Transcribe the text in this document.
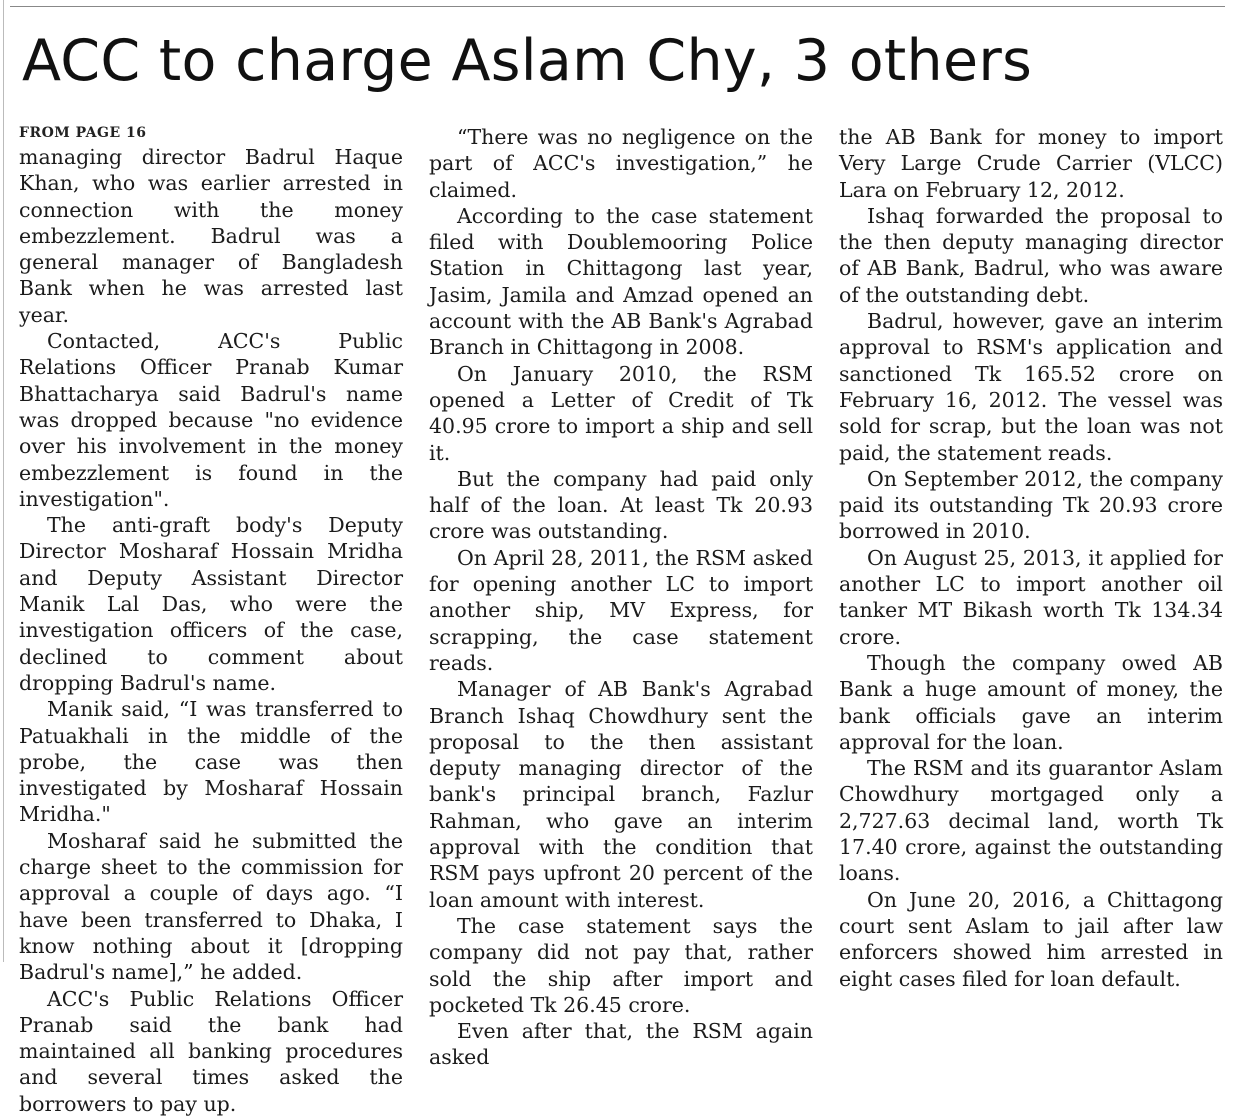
ACC to charge Aslam Chy, 3 others
FROM PAGE 16

managing director Badrul Haque Khan, who was earlier arrested in connection with the money embezzlement. Badrul was a general manager of Bangladesh Bank when he was arrested last year.

Contacted, ACC's Public Relations Officer Pranab Kumar Bhattacharya said Badrul's name was dropped because "no evidence over his involvement in the money embezzlement is found in the investigation".

The anti-graft body's Deputy Director Mosharaf Hossain Mridha and Deputy Assistant Director Manik Lal Das, who were the investigation officers of the case, declined to comment about dropping Badrul's name.

Manik said, “I was transferred to Patuakhali in the middle of the probe, the case was then investigated by Mosharaf Hossain Mridha."

Mosharaf said he submitted the charge sheet to the commission for approval a couple of days ago. “I have been transferred to Dhaka, I know nothing about it [dropping Badrul's name],” he added.

ACC's Public Relations Officer Pranab said the bank had maintained all banking procedures and several times asked the borrowers to pay up.

“There was no negligence on the part of ACC's investigation,” he claimed.

According to the case statement filed with Doublemooring Police Station in Chittagong last year, Jasim, Jamila and Amzad opened an account with the AB Bank's Agrabad Branch in Chittagong in 2008.

On January 2010, the RSM opened a Letter of Credit of Tk 40.95 crore to import a ship and sell it.

But the company had paid only half of the loan. At least Tk 20.93 crore was outstanding.

On April 28, 2011, the RSM asked for opening another LC to import another ship, MV Express, for scrapping, the case statement reads.

Manager of AB Bank's Agrabad Branch Ishaq Chowdhury sent the proposal to the then assistant deputy managing director of the bank's principal branch, Fazlur Rahman, who gave an interim approval with the condition that RSM pays upfront 20 percent of the loan amount with interest.

The case statement says the company did not pay that, rather sold the ship after import and pocketed Tk 26.45 crore.

Even after that, the RSM again asked

the AB Bank for money to import Very Large Crude Carrier (VLCC) Lara on February 12, 2012.

Ishaq forwarded the proposal to the then deputy managing director of AB Bank, Badrul, who was aware of the outstanding debt.

Badrul, however, gave an interim approval to RSM's application and sanctioned Tk 165.52 crore on February 16, 2012. The vessel was sold for scrap, but the loan was not paid, the statement reads.

On September 2012, the company paid its outstanding Tk 20.93 crore borrowed in 2010.

On August 25, 2013, it applied for another LC to import another oil tanker MT Bikash worth Tk 134.34 crore.

Though the company owed AB Bank a huge amount of money, the bank officials gave an interim approval for the loan.

The RSM and its guarantor Aslam Chowdhury mortgaged only a 2,727.63 decimal land, worth Tk 17.40 crore, against the outstanding loans.

On June 20, 2016, a Chittagong court sent Aslam to jail after law enforcers showed him arrested in eight cases filed for loan default.
